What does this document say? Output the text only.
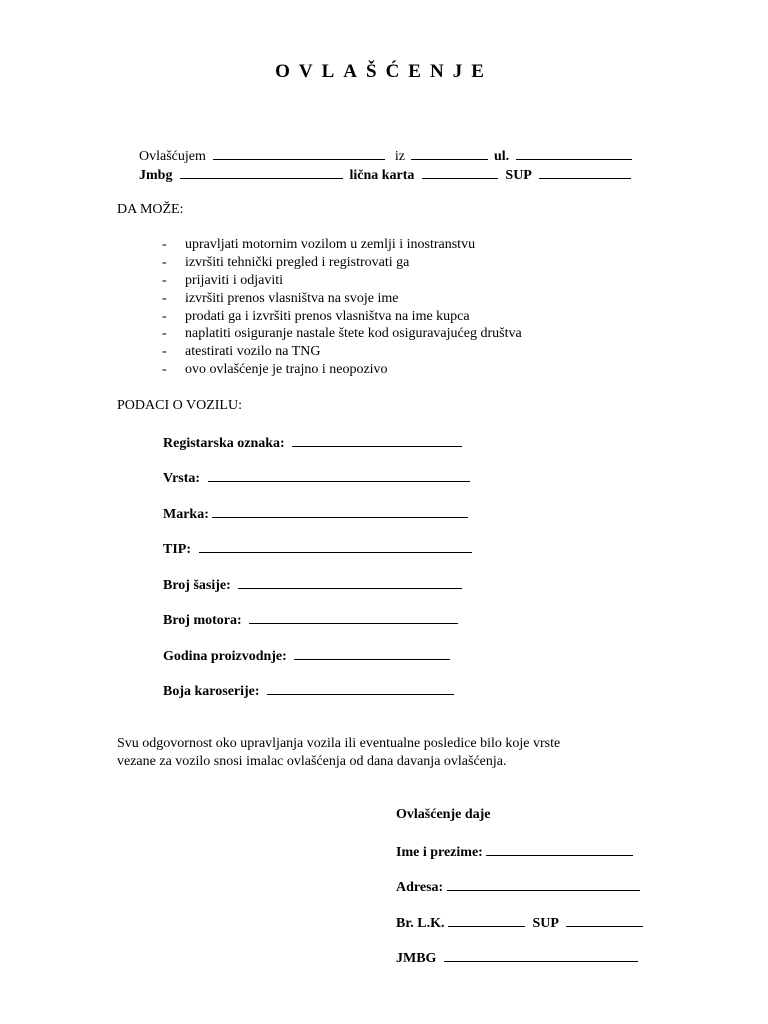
OVLAŠĆENJE
Ovlašćujem	iz	ul.
Jmbg	lična karta	SUP
DA MOŽE:
- upravljati motornim vozilom u zemlji i inostranstvu
- izvršiti tehnički pregled i registrovati ga
- prijaviti i odjaviti
- izvršiti prenos vlasništva na svoje ime
- prodati ga i izvršiti prenos vlasništva na ime kupca
- naplatiti osiguranje nastale štete kod osiguravajućeg društva
- atestirati vozilo na TNG
- ovo ovlašćenje je trajno i neopozivo
PODACI O VOZILU:
Registarska oznaka:
Vrsta:
Marka:
TIP:
Broj šasije:
Broj motora:
Godina proizvodnje:
Boja karoserije:
Svu odgovornost oko upravljanja vozila ili eventualne posledice bilo koje vrste
vezane za vozilo snosi imalac ovlašćenja od dana davanja ovlašćenja.
Ovlašćenje daje
Ime i prezime:
Adresa:
Br. L.K.	SUP
JMBG
